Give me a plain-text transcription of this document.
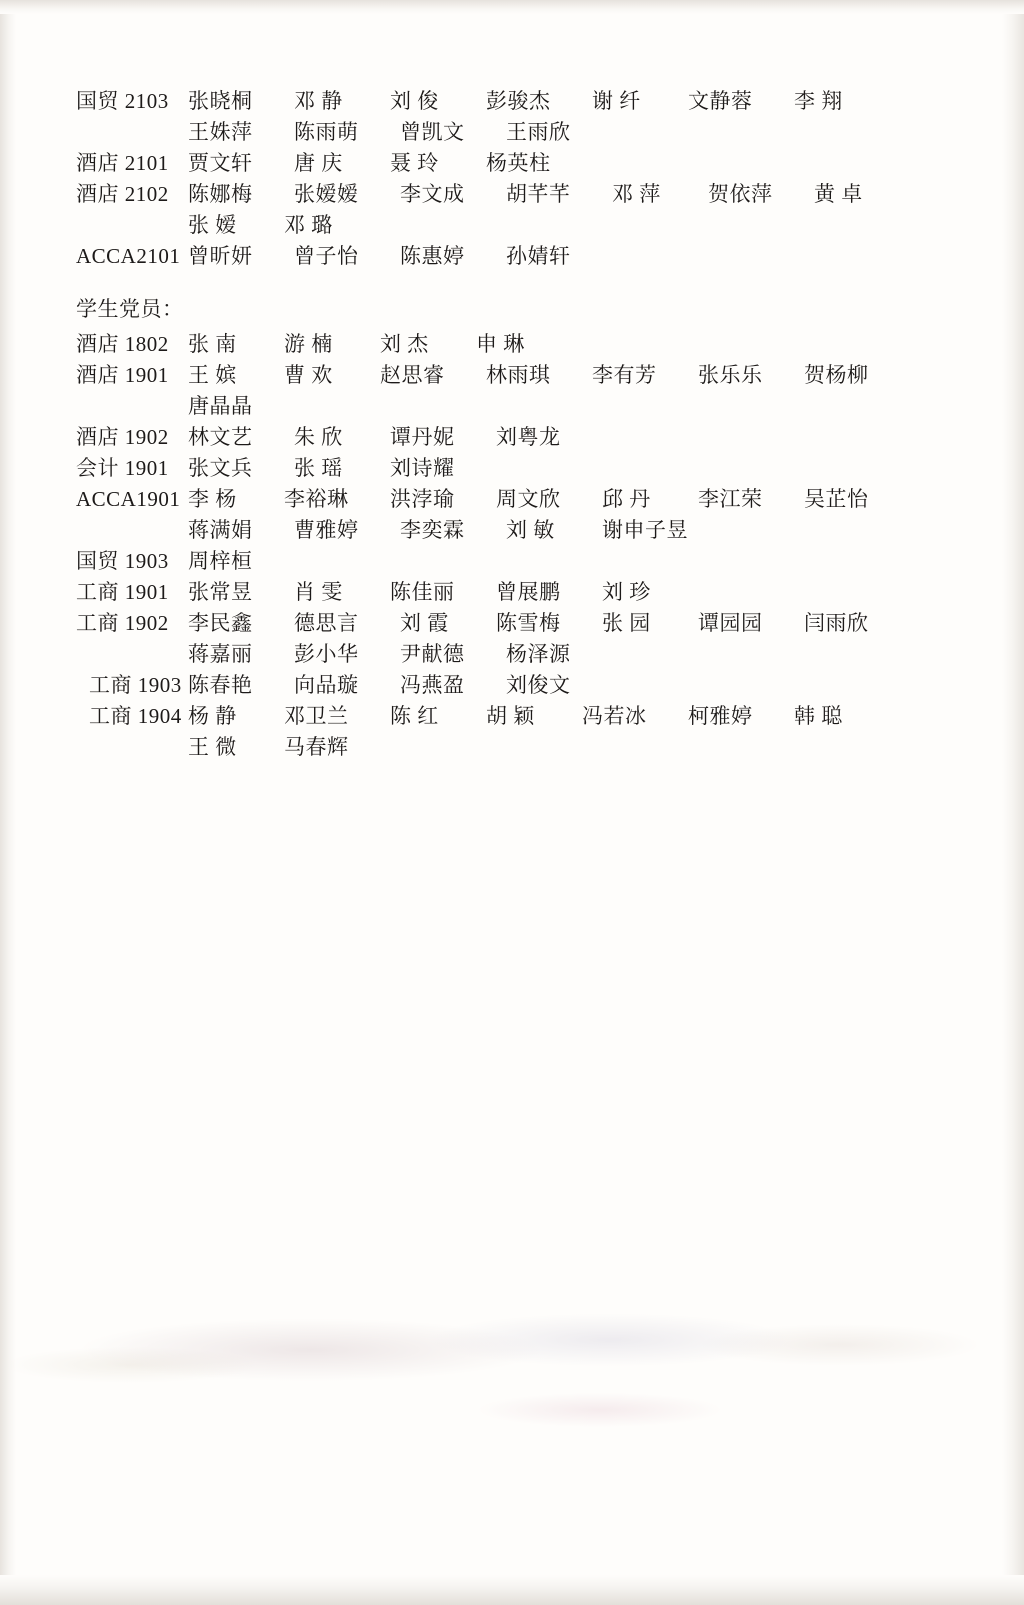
国贸 2103 张晓桐	邓 静	刘 俊	彭骏杰	谢 纤	文静蓉	李 翔
王姝萍	陈雨萌	曾凯文	王雨欣
酒店 2101 贾文轩	唐 庆	聂 玲	杨英柱
酒店 2102 陈娜梅	张嫒嫒	李文成	胡芊芊	邓 萍	贺依萍	黄 卓
张 嫒	邓 璐
ACCA2101 曾昕妍	曾子怡	陈惠婷	孙婧轩
学生党员：
酒店 1802 张 南	游 楠	刘 杰	申 琳
酒店 1901 王 嫔	曹 欢	赵思睿	林雨琪	李有芳	张乐乐	贺杨柳
唐晶晶
酒店 1902 林文艺	朱 欣	谭丹妮	刘粤龙
会计 1901 张文兵	张 瑶	刘诗耀
ACCA1901 李 杨	李裕琳	洪浡瑜	周文欣	邱 丹	李江荣	吴芷怡
蒋满娟	曹雅婷	李奕霖	刘 敏	谢申子昱
国贸 1903 周梓桓
工商 1901 张常昱	肖 雯	陈佳丽	曾展鹏	刘 珍
工商 1902 李民鑫	德思言	刘 霞	陈雪梅	张 园	谭园园	闫雨欣
蒋嘉丽	彭小华	尹献德	杨泽源
工商 1903 陈春艳	向品璇	冯燕盈	刘俊文
工商 1904 杨 静	邓卫兰	陈 红	胡 颖	冯若冰	柯雅婷	韩 聪
王 微	马春辉
